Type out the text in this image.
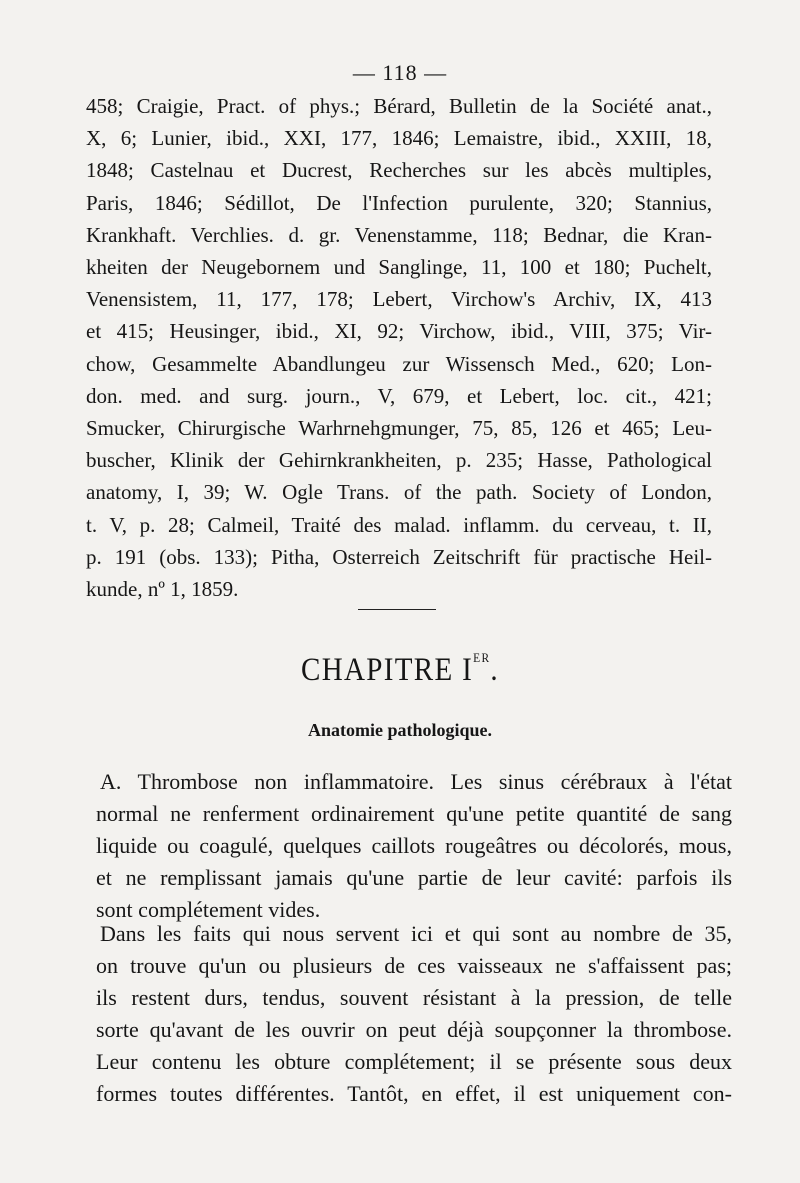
— 118 —

458; Craigie, Pract. of phys.; Bérard, Bulletin de la Société anat.,
X, 6; Lunier, ibid., XXI, 177, 1846; Lemaistre, ibid., XXIII, 18,
1848; Castelnau et Ducrest, Recherches sur les abcès multiples,
Paris, 1846; Sédillot, De l'Infection purulente, 320; Stannius,
Krankhaft. Verchlies. d. gr. Venenstamme, 118; Bednar, die Kran-
kheiten der Neugebornem und Sanglinge, 11, 100 et 180; Puchelt,
Venensistem, 11, 177, 178; Lebert, Virchow's Archiv, IX, 413
et 415; Heusinger, ibid., XI, 92; Virchow, ibid., VIII, 375; Vir-
chow, Gesammelte Abandlungeu zur Wissensch Med., 620; Lon-
don. med. and surg. journ., V, 679, et Lebert, loc. cit., 421;
Smucker, Chirurgische Warhrnehgmunger, 75, 85, 126 et 465; Leu-
buscher, Klinik der Gehirnkrankheiten, p. 235; Hasse, Pathological
anatomy, I, 39; W. Ogle Trans. of the path. Society of London,
t. V, p. 28; Calmeil, Traité des malad. inflamm. du cerveau, t. II,
p. 191 (obs. 133); Pitha, Osterreich Zeitschrift für practische Heil-
kunde, nº 1, 1859.

CHAPITRE IER.
Anatomie pathologique.

A. Thrombose non inflammatoire. Les sinus cérébraux à l'état
normal ne renferment ordinairement qu'une petite quantité de sang
liquide ou coagulé, quelques caillots rougeâtres ou décolorés, mous,
et ne remplissant jamais qu'une partie de leur cavité: parfois ils
sont complétement vides.

Dans les faits qui nous servent ici et qui sont au nombre de 35,
on trouve qu'un ou plusieurs de ces vaisseaux ne s'affaissent pas;
ils restent durs, tendus, souvent résistant à la pression, de telle
sorte qu'avant de les ouvrir on peut déjà soupçonner la thrombose.
Leur contenu les obture complétement; il se présente sous deux
formes toutes différentes. Tantôt, en effet, il est uniquement con-
